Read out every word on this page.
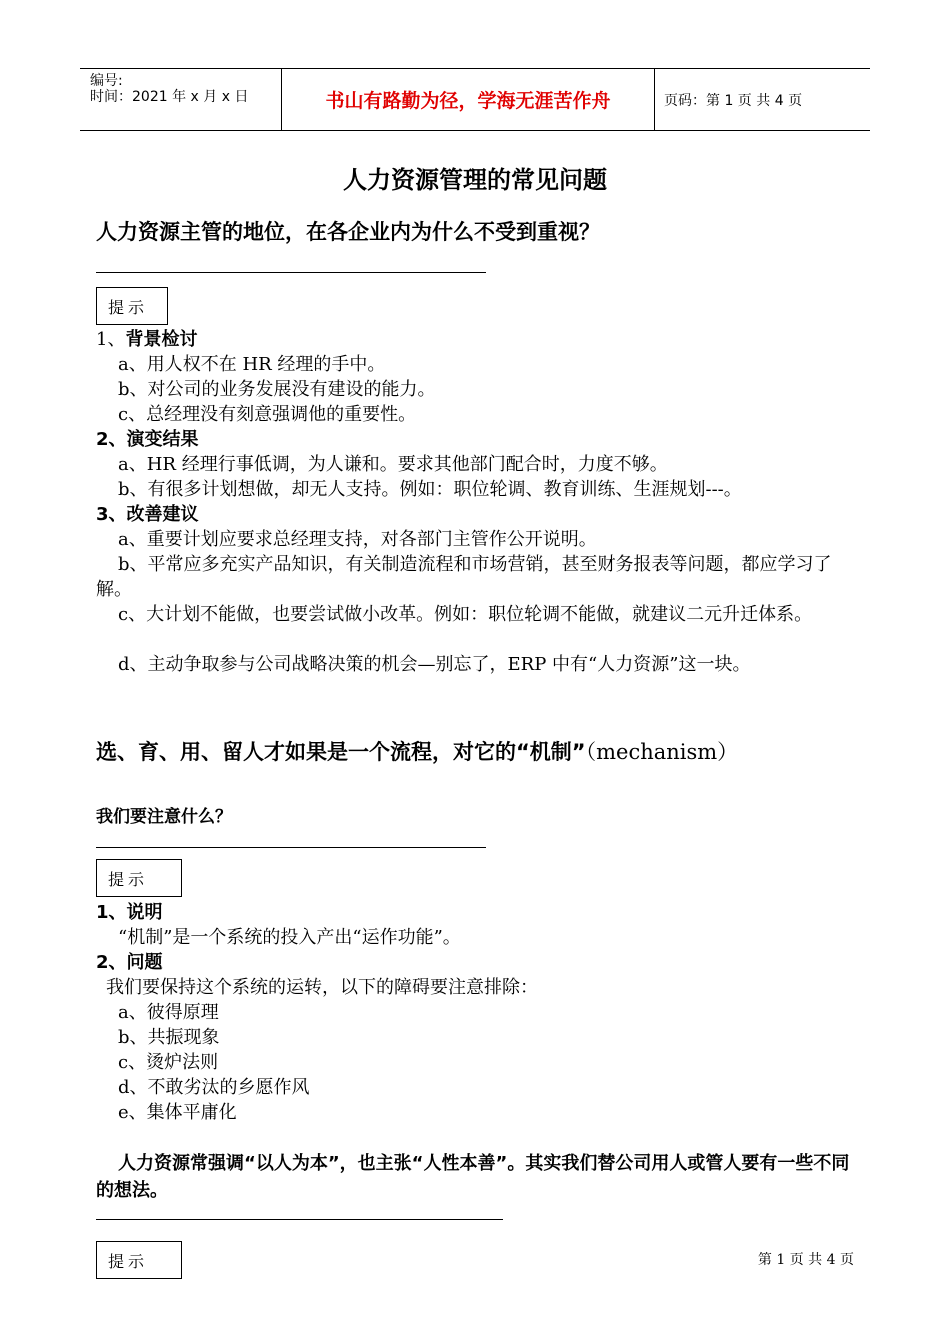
编号:
时间：2021 年 x 月 x 日	书山有路勤为径，学海无涯苦作舟	页码：第 1 页 共 4 页
人力资源管理的常见问题
人力资源主管的地位，在各企业内为什么不受到重视？
提示
1、背景检讨
a、用人权不在 HR 经理的手中。
b、对公司的业务发展没有建设的能力。
c、总经理没有刻意强调他的重要性。
2、演变结果
a、HR 经理行事低调，为人谦和。要求其他部门配合时，力度不够。
b、有很多计划想做，却无人支持。例如：职位轮调、教育训练、生涯规划---。
3、改善建议
a、重要计划应要求总经理支持，对各部门主管作公开说明。
b、平常应多充实产品知识，有关制造流程和市场营销，甚至财务报表等问题，都应学习了解。
c、大计划不能做，也要尝试做小改革。例如：职位轮调不能做，就建议二元升迁体系。
d、主动争取参与公司战略决策的机会—别忘了，ERP 中有“人力资源”这一块。
选、育、用、留人才如果是一个流程，对它的“机制”（mechanism）
我们要注意什么？
提示
1、说明
“机制”是一个系统的投入产出“运作功能”。
2、问题
我们要保持这个系统的运转，以下的障碍要注意排除：
a、彼得原理
b、共振现象
c、烫炉法则
d、不敢劣汰的乡愿作风
e、集体平庸化
人力资源常强调“以人为本”，也主张“人性本善”。其实我们替公司用人或管人要有一些不同的想法。
提示	第 1 页 共 4 页
